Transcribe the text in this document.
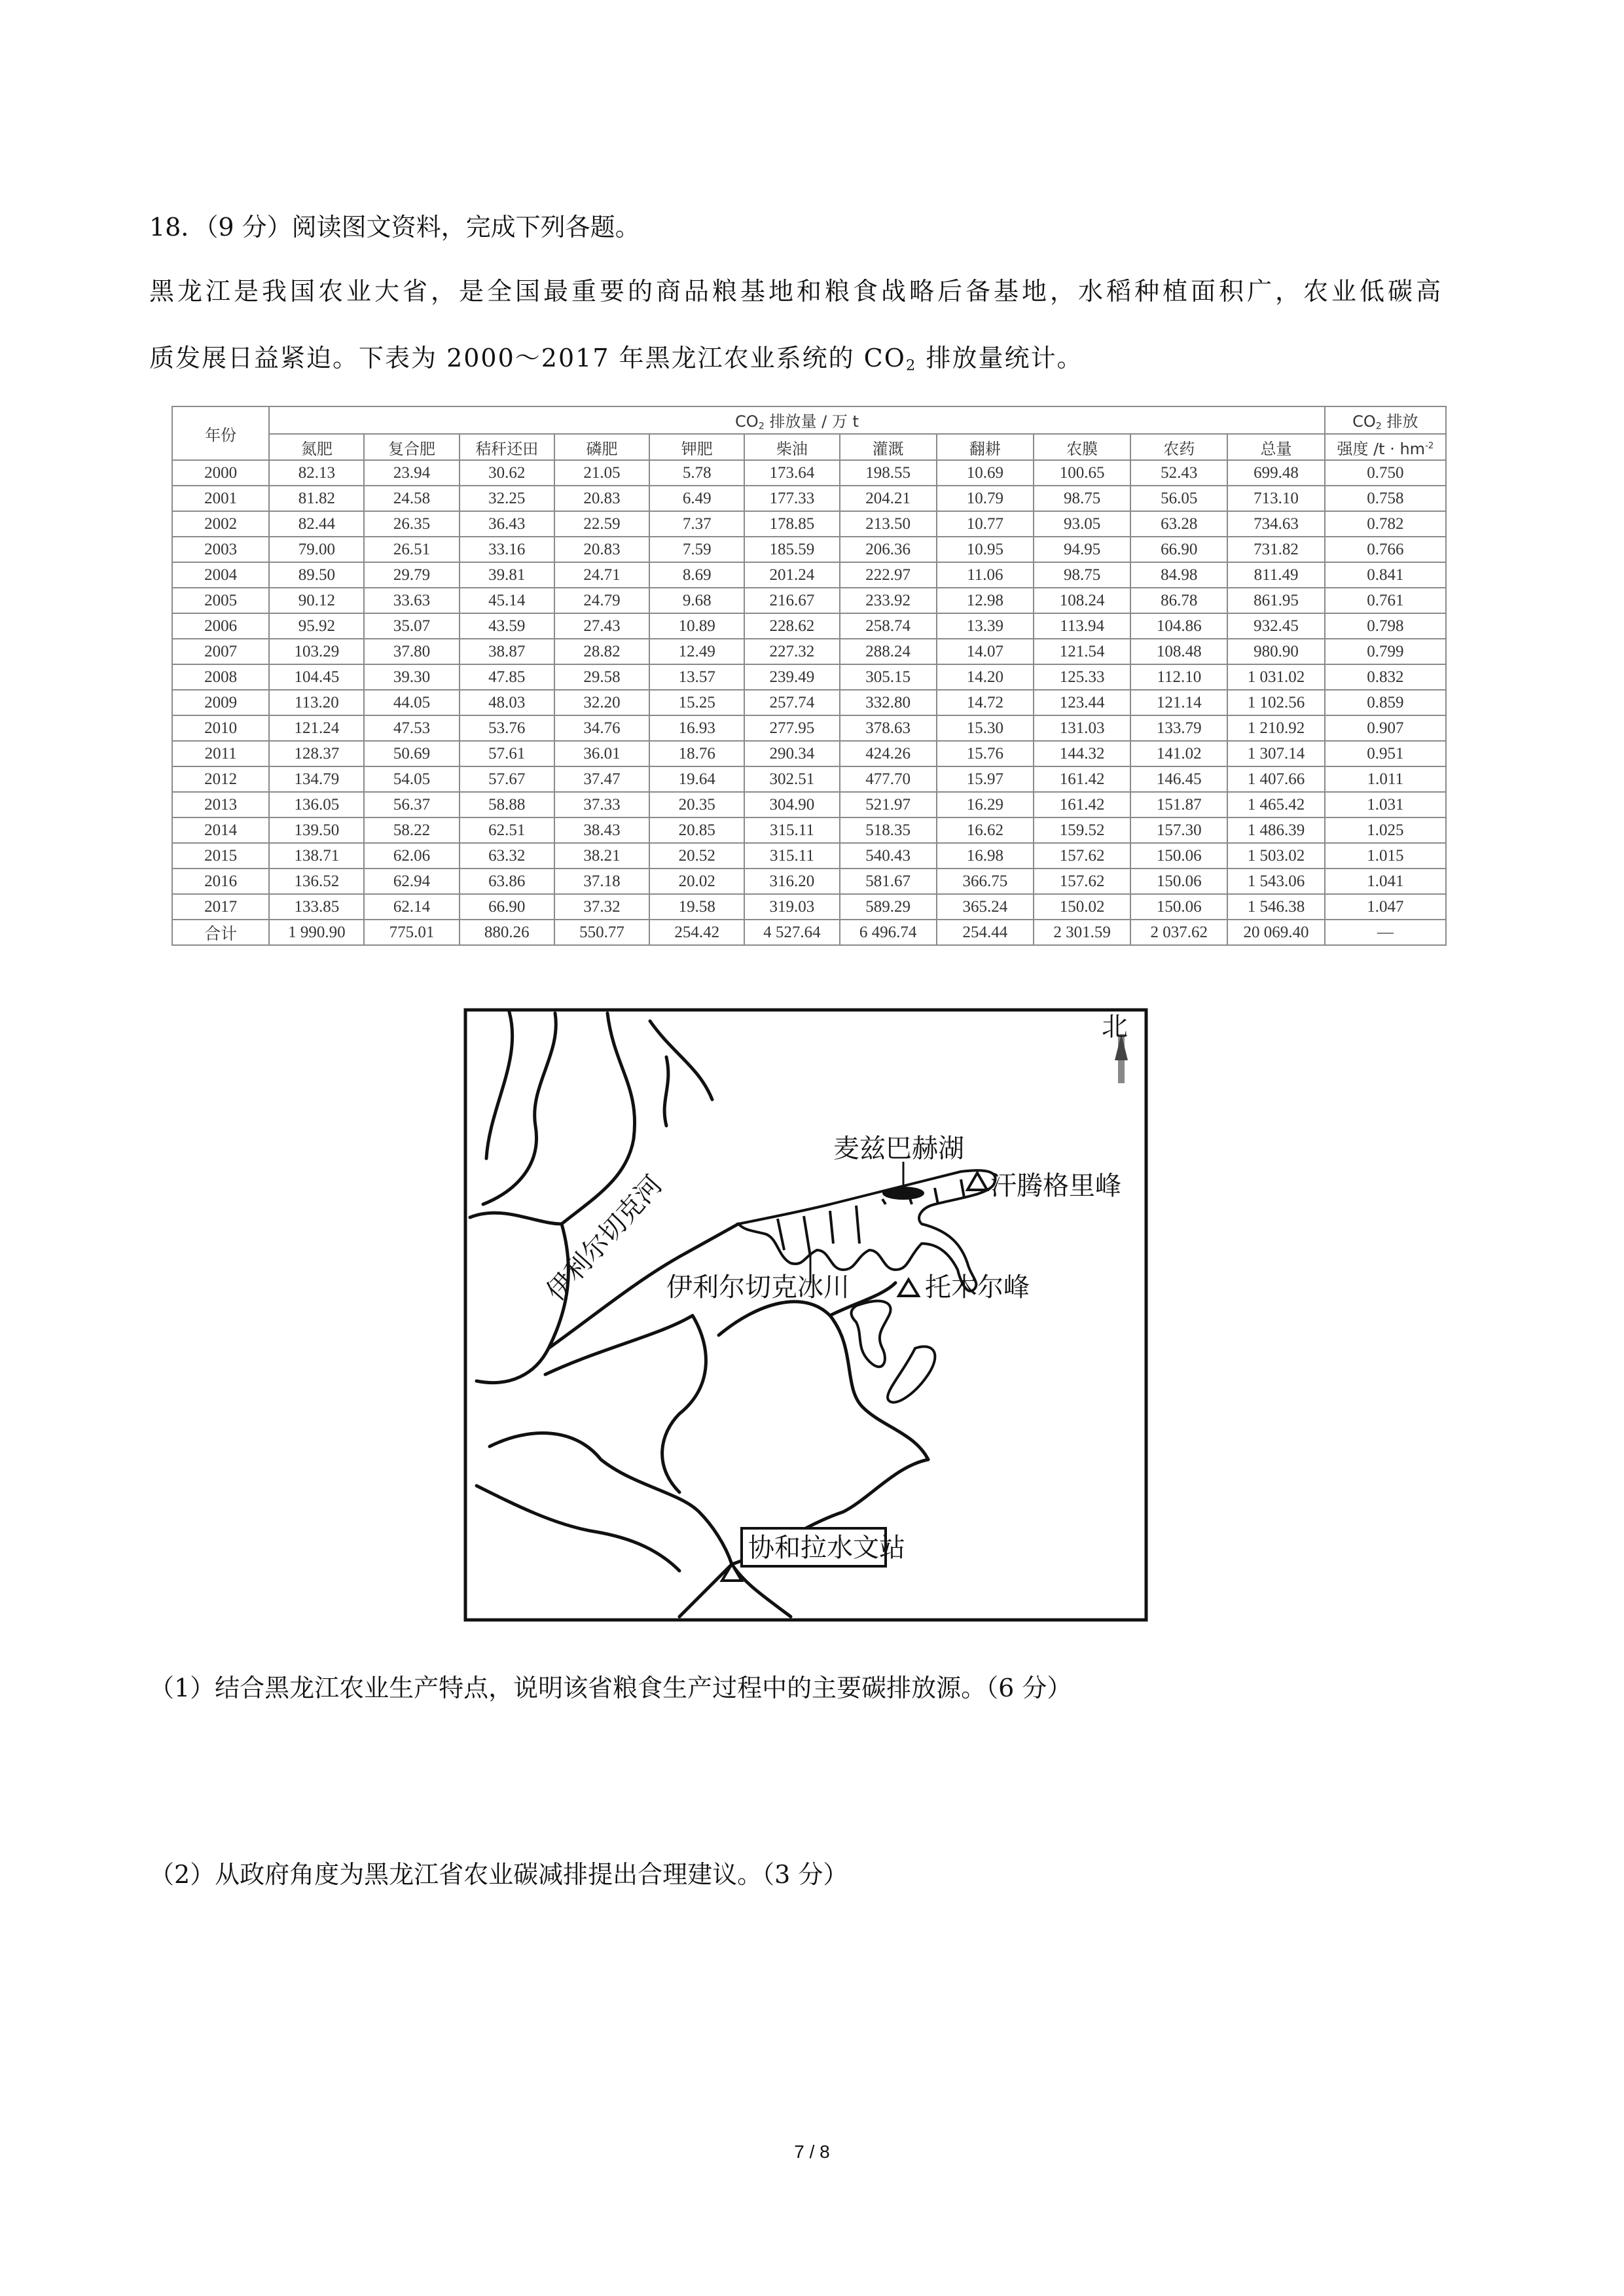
18．（9 分）阅读图文资料，完成下列各题。
黑龙江是我国农业大省，是全国最重要的商品粮基地和粮食战略后备基地，水稻种植面积广，农业低碳高
质发展日益紧迫。下表为 2000～2017 年黑龙江农业系统的 $CO_2$ 排放量统计。
年份	$CO_2$ 排放量 / 万 t											$CO_2$ 排放
	氮肥	复合肥	秸秆还田	磷肥	钾肥	柴油	灌溉	翻耕	农膜	农药	总量	强度 $/t \cdot hm^{-2}$
2000	82.13	23.94	30.62	21.05	5.78	173.64	198.55	10.69	100.65	52.43	699.48	0.750
2001	81.82	24.58	32.25	20.83	6.49	177.33	204.21	10.79	98.75	56.05	713.10	0.758
2002	82.44	26.35	36.43	22.59	7.37	178.85	213.50	10.77	93.05	63.28	734.63	0.782
2003	79.00	26.51	33.16	20.83	7.59	185.59	206.36	10.95	94.95	66.90	731.82	0.766
2004	89.50	29.79	39.81	24.71	8.69	201.24	222.97	11.06	98.75	84.98	811.49	0.841
2005	90.12	33.63	45.14	24.79	9.68	216.67	233.92	12.98	108.24	86.78	861.95	0.761
2006	95.92	35.07	43.59	27.43	10.89	228.62	258.74	13.39	113.94	104.86	932.45	0.798
2007	103.29	37.80	38.87	28.82	12.49	227.32	288.24	14.07	121.54	108.48	980.90	0.799
2008	104.45	39.30	47.85	29.58	13.57	239.49	305.15	14.20	125.33	112.10	1 031.02	0.832
2009	113.20	44.05	48.03	32.20	15.25	257.74	332.80	14.72	123.44	121.14	1 102.56	0.859
2010	121.24	47.53	53.76	34.76	16.93	277.95	378.63	15.30	131.03	133.79	1 210.92	0.907
2011	128.37	50.69	57.61	36.01	18.76	290.34	424.26	15.76	144.32	141.02	1 307.14	0.951
2012	134.79	54.05	57.67	37.47	19.64	302.51	477.70	15.97	161.42	146.45	1 407.66	1.011
2013	136.05	56.37	58.88	37.33	20.35	304.90	521.97	16.29	161.42	151.87	1 465.42	1.031
2014	139.50	58.22	62.51	38.43	20.85	315.11	518.35	16.62	159.52	157.30	1 486.39	1.025
2015	138.71	62.06	63.32	38.21	20.52	315.11	540.43	16.98	157.62	150.06	1 503.02	1.015
2016	136.52	62.94	63.86	37.18	20.02	316.20	581.67	366.75	157.62	150.06	1 543.06	1.041
2017	133.85	62.14	66.90	37.32	19.58	319.03	589.29	365.24	150.02	150.06	1 546.38	1.047
合计	1 990.90	775.01	880.26	550.77	254.42	4 527.64	6 496.74	254.44	2 301.59	2 037.62	20 069.40	—
北
麦兹巴赫湖
汗腾格里峰
伊利尔切克冰川	托木尔峰
协和拉水文站
伊利尔切克河
（1）结合黑龙江农业生产特点，说明该省粮食生产过程中的主要碳排放源。（6 分）
（2）从政府角度为黑龙江省农业碳减排提出合理建议。（3 分）
7 / 8
